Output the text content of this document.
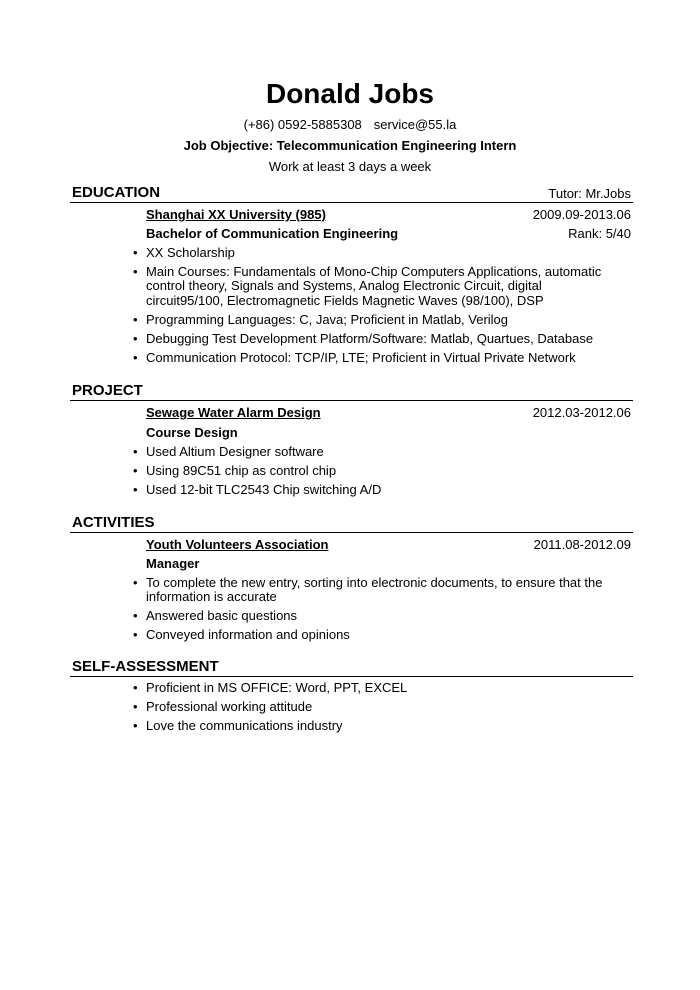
Donald Jobs
(+86) 0592-5885308 service@55.la
Job Objective: Telecommunication Engineering Intern
Work at least 3 days a week
EDUCATION	Tutor: Mr.Jobs
Shanghai XX University (985)	2009.09-2013.06
Bachelor of Communication Engineering	Rank: 5/40
• XX Scholarship
• Main Courses: Fundamentals of Mono-Chip Computers Applications, automatic control theory, Signals and Systems, Analog Electronic Circuit, digital circuit95/100, Electromagnetic Fields Magnetic Waves (98/100), DSP
• Programming Languages: C, Java; Proficient in Matlab, Verilog
• Debugging Test Development Platform/Software: Matlab, Quartues, Database
• Communication Protocol: TCP/IP, LTE; Proficient in Virtual Private Network
PROJECT
Sewage Water Alarm Design	2012.03-2012.06
Course Design
• Used Altium Designer software
• Using 89C51 chip as control chip
• Used 12-bit TLC2543 Chip switching A/D
ACTIVITIES
Youth Volunteers Association	2011.08-2012.09
Manager
• To complete the new entry, sorting into electronic documents, to ensure that the information is accurate
• Answered basic questions
• Conveyed information and opinions
SELF-ASSESSMENT
• Proficient in MS OFFICE: Word, PPT, EXCEL
• Professional working attitude
• Love the communications industry
